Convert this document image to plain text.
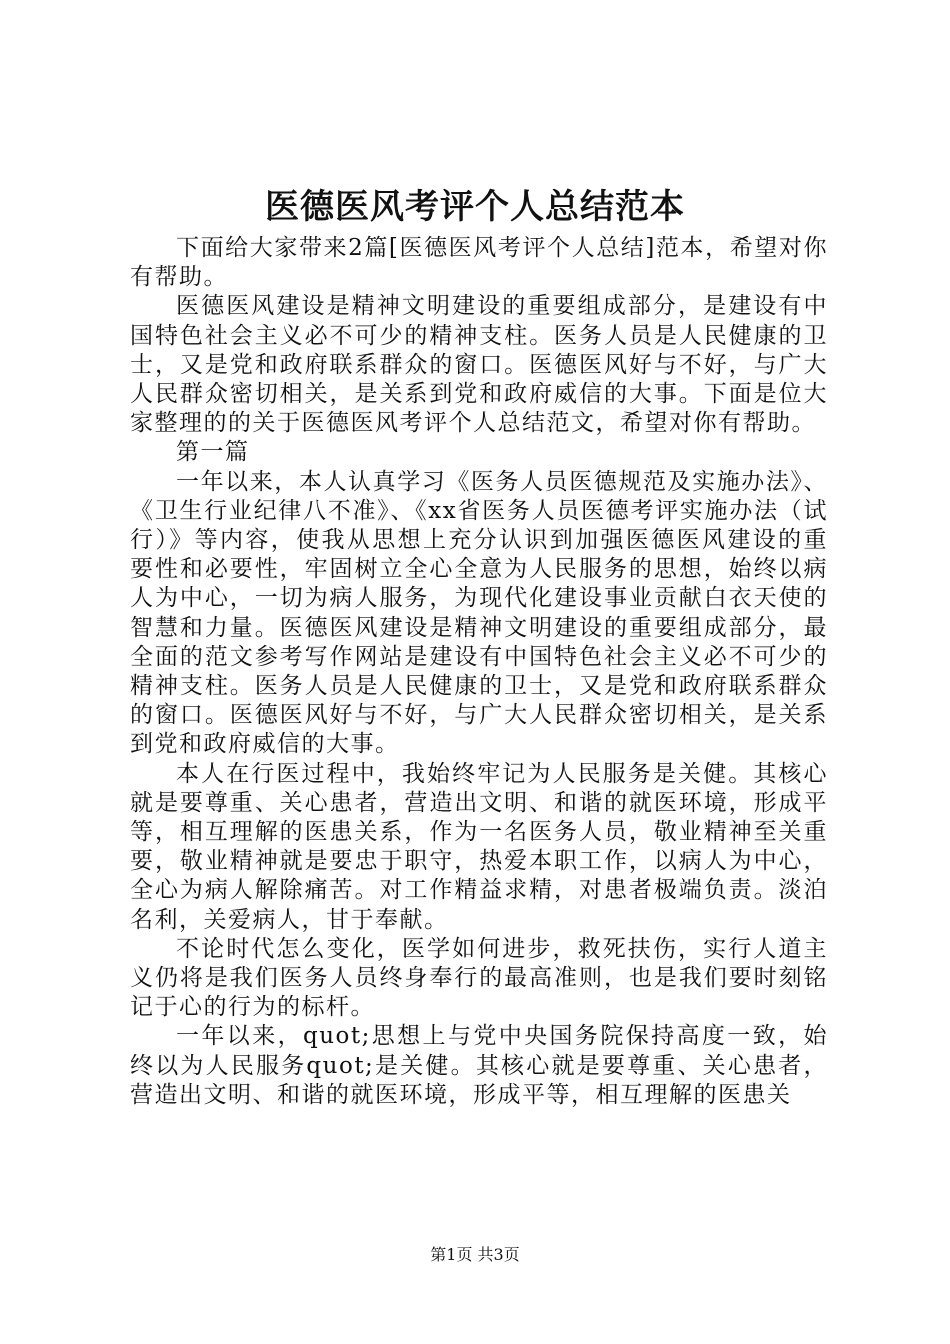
医德医风考评个人总结范本

下面给大家带来2篇[医德医风考评个人总结]范本，希望对你有帮助。

医德医风建设是精神文明建设的重要组成部分，是建设有中国特色社会主义必不可少的精神支柱。医务人员是人民健康的卫士，又是党和政府联系群众的窗口。医德医风好与不好，与广大人民群众密切相关，是关系到党和政府威信的大事。下面是位大家整理的的关于医德医风考评个人总结范文，希望对你有帮助。

第一篇

一年以来，本人认真学习《医务人员医德规范及实施办法》、《卫生行业纪律八不准》、《xx省医务人员医德考评实施办法（试行）》等内容，使我从思想上充分认识到加强医德医风建设的重要性和必要性，牢固树立全心全意为人民服务的思想，始终以病人为中心，一切为病人服务，为现代化建设事业贡献白衣天使的智慧和力量。医德医风建设是精神文明建设的重要组成部分，最全面的范文参考写作网站是建设有中国特色社会主义必不可少的精神支柱。医务人员是人民健康的卫士，又是党和政府联系群众的窗口。医德医风好与不好，与广大人民群众密切相关，是关系到党和政府威信的大事。

本人在行医过程中，我始终牢记为人民服务是关健。其核心就是要尊重、关心患者，营造出文明、和谐的就医环境，形成平等，相互理解的医患关系，作为一名医务人员，敬业精神至关重要，敬业精神就是要忠于职守，热爱本职工作，以病人为中心，全心为病人解除痛苦。对工作精益求精，对患者极端负责。淡泊名利，关爱病人，甘于奉献。

不论时代怎么变化，医学如何进步，救死扶伤，实行人道主义仍将是我们医务人员终身奉行的最高准则，也是我们要时刻铭记于心的行为的标杆。

一年以来，quot;思想上与党中央国务院保持高度一致，始终以为人民服务quot;是关健。其核心就是要尊重、关心患者，营造出文明、和谐的就医环境，形成平等，相互理解的医患关

第1页 共3页
